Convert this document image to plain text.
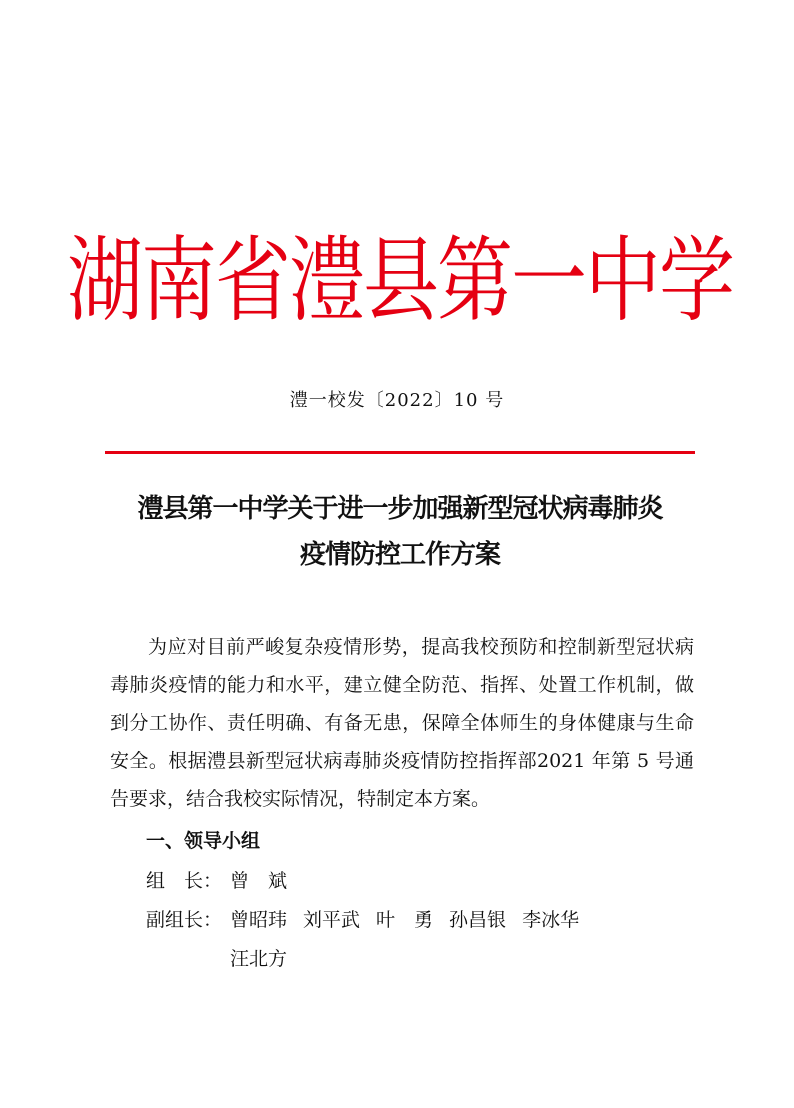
湖南省澧县第一中学
澧一校发〔2022〕10 号
澧县第一中学关于进一步加强新型冠状病毒肺炎
疫情防控工作方案

为应对目前严峻复杂疫情形势，提高我校预防和控制新型冠状病毒肺炎疫情的能力和水平，建立健全防范、指挥、处置工作机制，做到分工协作、责任明确、有备无患，保障全体师生的身体健康与生命安全。根据澧县新型冠状病毒肺炎疫情防控指挥部2021 年第 5 号通告要求，结合我校实际情况，特制定本方案。

一、领导小组
组　长： 曾　斌
副组长： 曾昭玮 刘平武 叶　勇 孙昌银 李冰华
汪北方
